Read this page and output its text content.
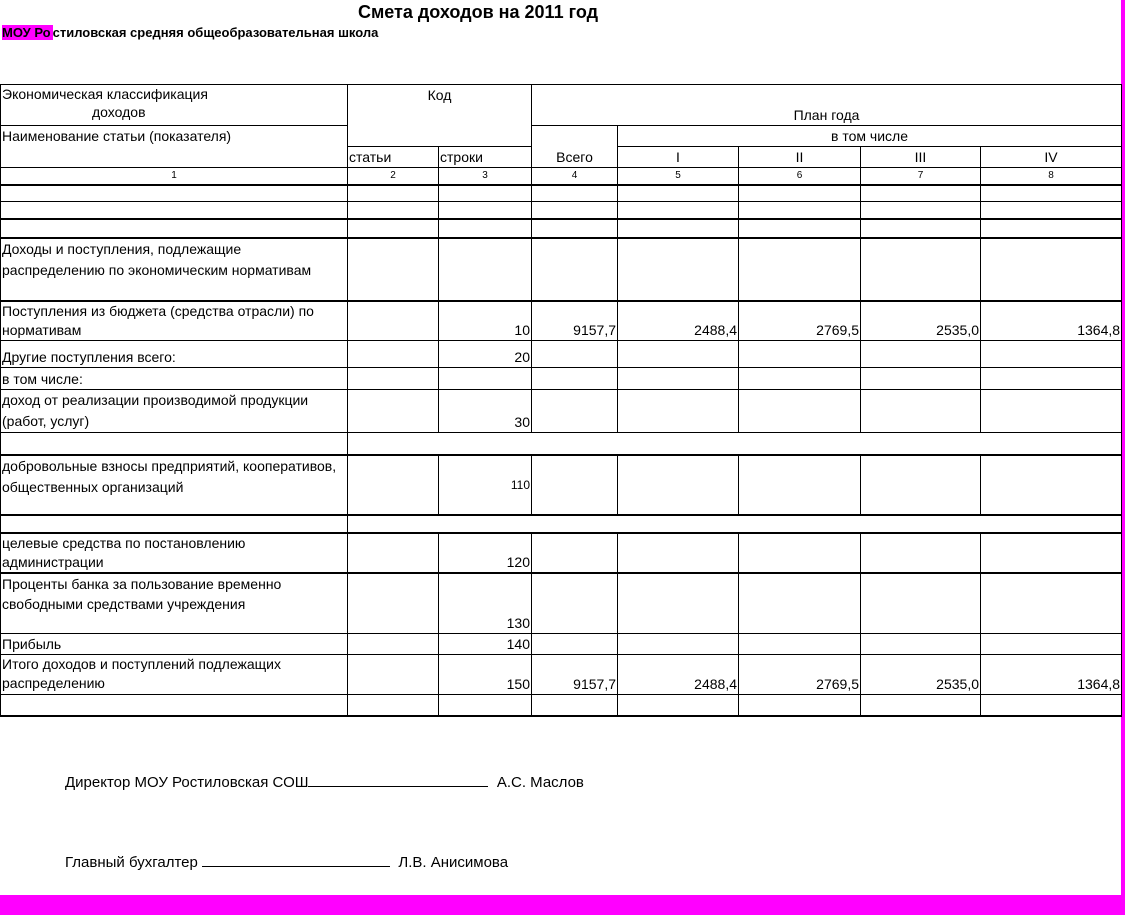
Смета доходов на 2011 год
МОУ Ро стиловская средняя общеобразовательная школа
Экономическая классификация
доходов	Код		План года				
Наименование статьи (показателя)			Всего	в том числе			
	статьи	строки		I	II	III	IV
1	2	3	4	5	6	7	8

Доходы и поступления, подлежащие распределению по экономическим нормативам							
Поступления из бюджета (средства отрасли) по нормативам		10	9157,7	2488,4	2769,5	2535,0	1364,8
Другие поступления всего:		20					
в том числе:							
доход от реализации производимой продукции (работ, услуг)		30					

добровольные взносы предприятий, кооперативов, общественных организаций		110					

целевые средства по постановлению администрации		120					
Проценты банка за пользование временно свободными средствами учреждения		130					
Прибыль		140					
Итого доходов и поступлений подлежащих распределению		150	9157,7	2488,4	2769,5	2535,0	1364,8

Директор МОУ Ростиловская СОШ	А.С. Маслов
Главный бухгалтер	Л.В. Анисимова
